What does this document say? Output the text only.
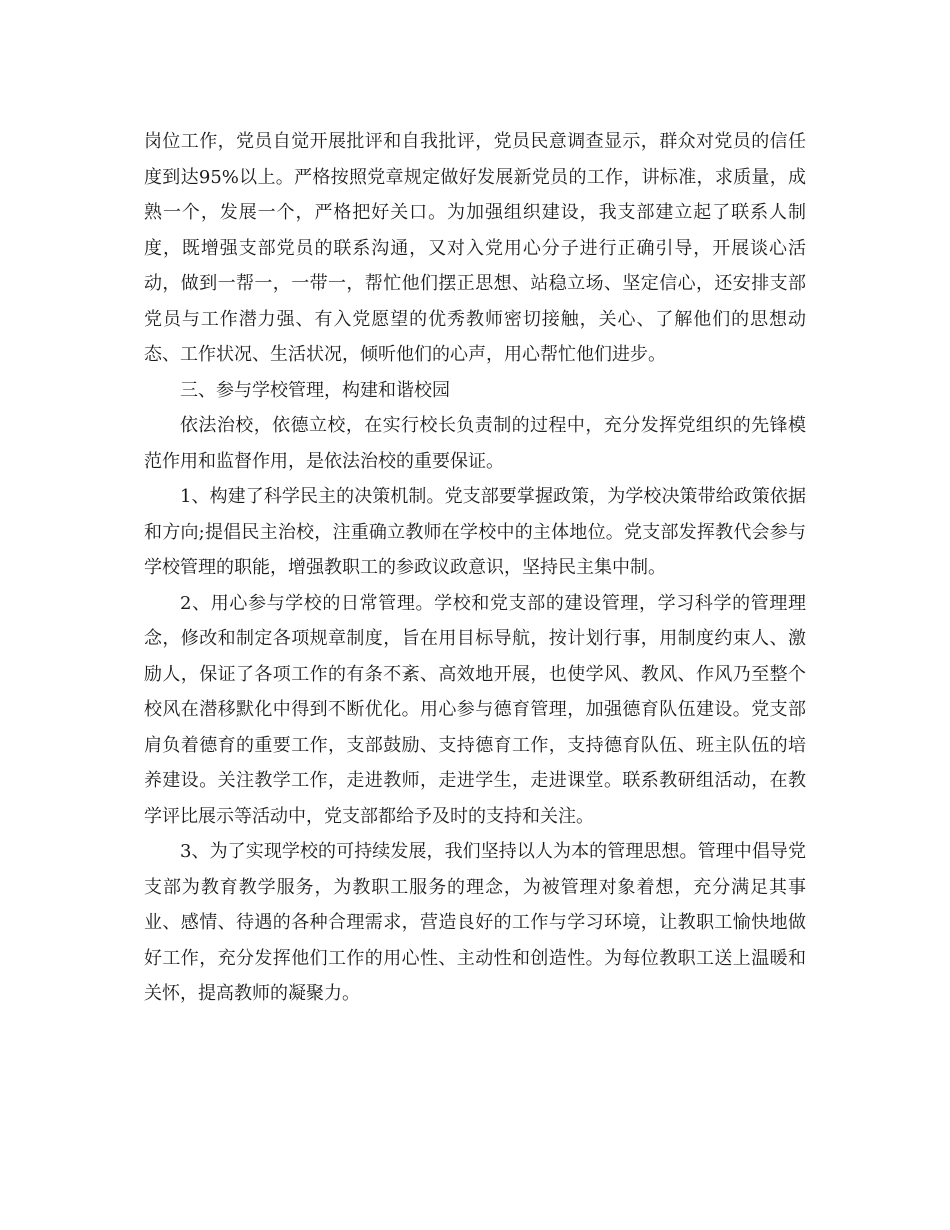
岗位工作，党员自觉开展批评和自我批评，党员民意调查显示，群众对党员的信任度到达95%以上。严格按照党章规定做好发展新党员的工作，讲标准，求质量，成熟一个，发展一个，严格把好关口。为加强组织建设，我支部建立起了联系人制度，既增强支部党员的联系沟通，又对入党用心分子进行正确引导，开展谈心活动，做到一帮一，一带一，帮忙他们摆正思想、站稳立场、坚定信心，还安排支部党员与工作潜力强、有入党愿望的优秀教师密切接触，关心、了解他们的思想动态、工作状况、生活状况，倾听他们的心声，用心帮忙他们进步。

三、参与学校管理，构建和谐校园

依法治校，依德立校，在实行校长负责制的过程中，充分发挥党组织的先锋模范作用和监督作用，是依法治校的重要保证。

1、构建了科学民主的决策机制。党支部要掌握政策，为学校决策带给政策依据和方向;提倡民主治校，注重确立教师在学校中的主体地位。党支部发挥教代会参与学校管理的职能，增强教职工的参政议政意识，坚持民主集中制。

2、用心参与学校的日常管理。学校和党支部的建设管理，学习科学的管理理念，修改和制定各项规章制度，旨在用目标导航，按计划行事，用制度约束人、激励人，保证了各项工作的有条不紊、高效地开展，也使学风、教风、作风乃至整个校风在潜移默化中得到不断优化。用心参与德育管理，加强德育队伍建设。党支部肩负着德育的重要工作，支部鼓励、支持德育工作，支持德育队伍、班主队伍的培养建设。关注教学工作，走进教师，走进学生，走进课堂。联系教研组活动，在教学评比展示等活动中，党支部都给予及时的支持和关注。

3、为了实现学校的可持续发展，我们坚持以人为本的管理思想。管理中倡导党支部为教育教学服务，为教职工服务的理念，为被管理对象着想，充分满足其事业、感情、待遇的各种合理需求，营造良好的工作与学习环境，让教职工愉快地做好工作，充分发挥他们工作的用心性、主动性和创造性。为每位教职工送上温暖和关怀，提高教师的凝聚力。
